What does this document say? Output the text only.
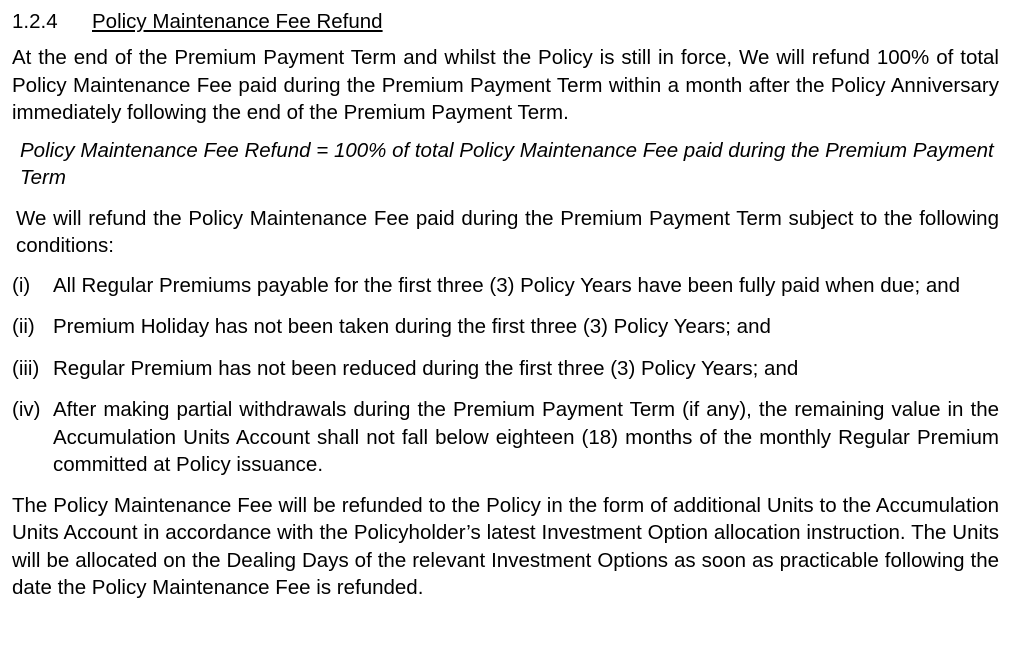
1.2.4	Policy Maintenance Fee Refund

At the end of the Premium Payment Term and whilst the Policy is still in force, We will refund 100% of total Policy Maintenance Fee paid during the Premium Payment Term within a month after the Policy Anniversary immediately following the end of the Premium Payment Term.

Policy Maintenance Fee Refund = 100% of total Policy Maintenance Fee paid during the Premium Payment Term

We will refund the Policy Maintenance Fee paid during the Premium Payment Term subject to the following conditions:

(i)	All Regular Premiums payable for the first three (3) Policy Years have been fully paid when due; and
(ii) Premium Holiday has not been taken during the first three (3) Policy Years; and
(iii) Regular Premium has not been reduced during the first three (3) Policy Years; and
(iv) After making partial withdrawals during the Premium Payment Term (if any), the remaining value in the Accumulation Units Account shall not fall below eighteen (18) months of the monthly Regular Premium committed at Policy issuance.

The Policy Maintenance Fee will be refunded to the Policy in the form of additional Units to the Accumulation Units Account in accordance with the Policyholder’s latest Investment Option allocation instruction. The Units will be allocated on the Dealing Days of the relevant Investment Options as soon as practicable following the date the Policy Maintenance Fee is refunded.
